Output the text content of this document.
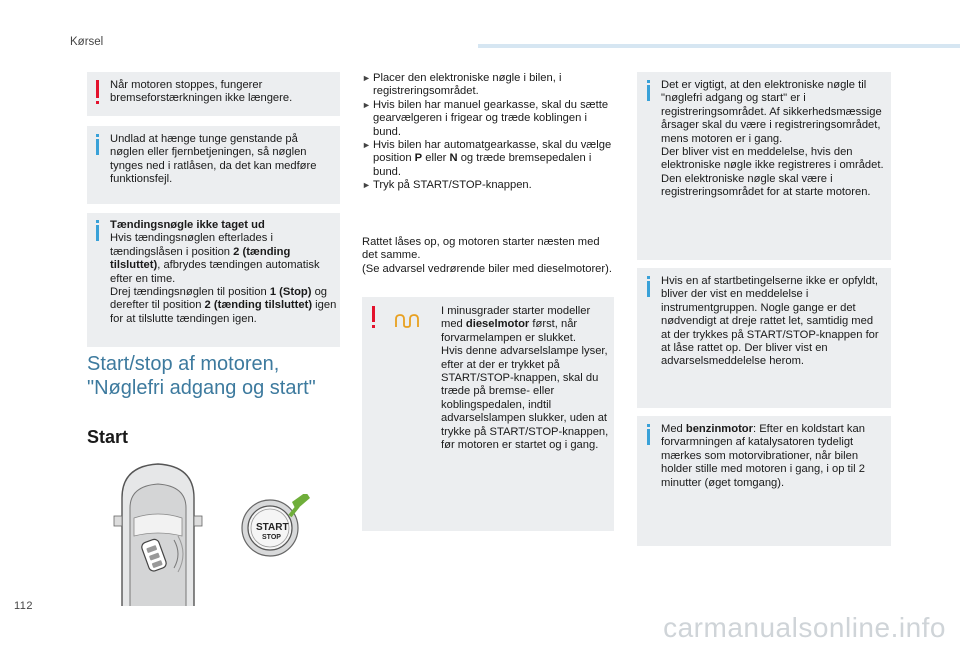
Kørsel
Når motoren stoppes, fungerer bremseforstærkningen ikke længere.
Undlad at hænge tunge genstande på nøglen eller fjernbetjeningen, så nøglen tynges ned i ratlåsen, da det kan medføre funktionsfejl.

Tændingsnøgle ikke taget ud

Hvis tændingsnøglen efterlades i tændingslåsen i position 2 (tænding tilsluttet), afbrydes tændingen automatisk efter en time.

Drej tændingsnøglen til position 1 (Stop) og derefter til position 2 (tænding tilsluttet) igen for at tilslutte tændingen igen.

Start/stop af motoren,
"Nøglefri adgang og start"
Start
START
STOP
► Placer den elektroniske nøgle i bilen, i registreringsområdet.
► Hvis bilen har manuel gearkasse, skal du sætte gearvælgeren i frigear og træde koblingen i bund.
► Hvis bilen har automatgearkasse, skal du vælge position P eller N og træde bremsepedalen i bund.
► Tryk på START/STOP-knappen.

Rattet låses op, og motoren starter næsten med det samme.

(Se advarsel vedrørende biler med dieselmotorer).

I minusgrader starter modeller med dieselmotor først, når forvarmelampen er slukket.

Hvis denne advarselslampe lyser, efter at der er trykket på START/STOP-knappen, skal du træde på bremse- eller koblingspedalen, indtil advarselslampen slukker, uden at trykke på START/STOP-knappen, før motoren er startet og i gang.

Det er vigtigt, at den elektroniske nøgle til "nøglefri adgang og start" er i registreringsområdet. Af sikkerhedsmæssige årsager skal du være i registreringsområdet, mens motoren er i gang.

Der bliver vist en meddelelse, hvis den elektroniske nøgle ikke registreres i området. Den elektroniske nøgle skal være i registreringsområdet for at starte motoren.

Hvis en af startbetingelserne ikke er opfyldt, bliver der vist en meddelelse i instrumentgruppen. Nogle gange er det nødvendigt at dreje rattet let, samtidig med at der trykkes på START/STOP-knappen for at låse rattet op. Der bliver vist en advarselsmeddelelse herom.

Med benzinmotor: Efter en koldstart kan forvarmningen af katalysatoren tydeligt mærkes som motorvibrationer, når bilen holder stille med motoren i gang, i op til 2 minutter (øget tomgang).

112
carmanualsonline.info
